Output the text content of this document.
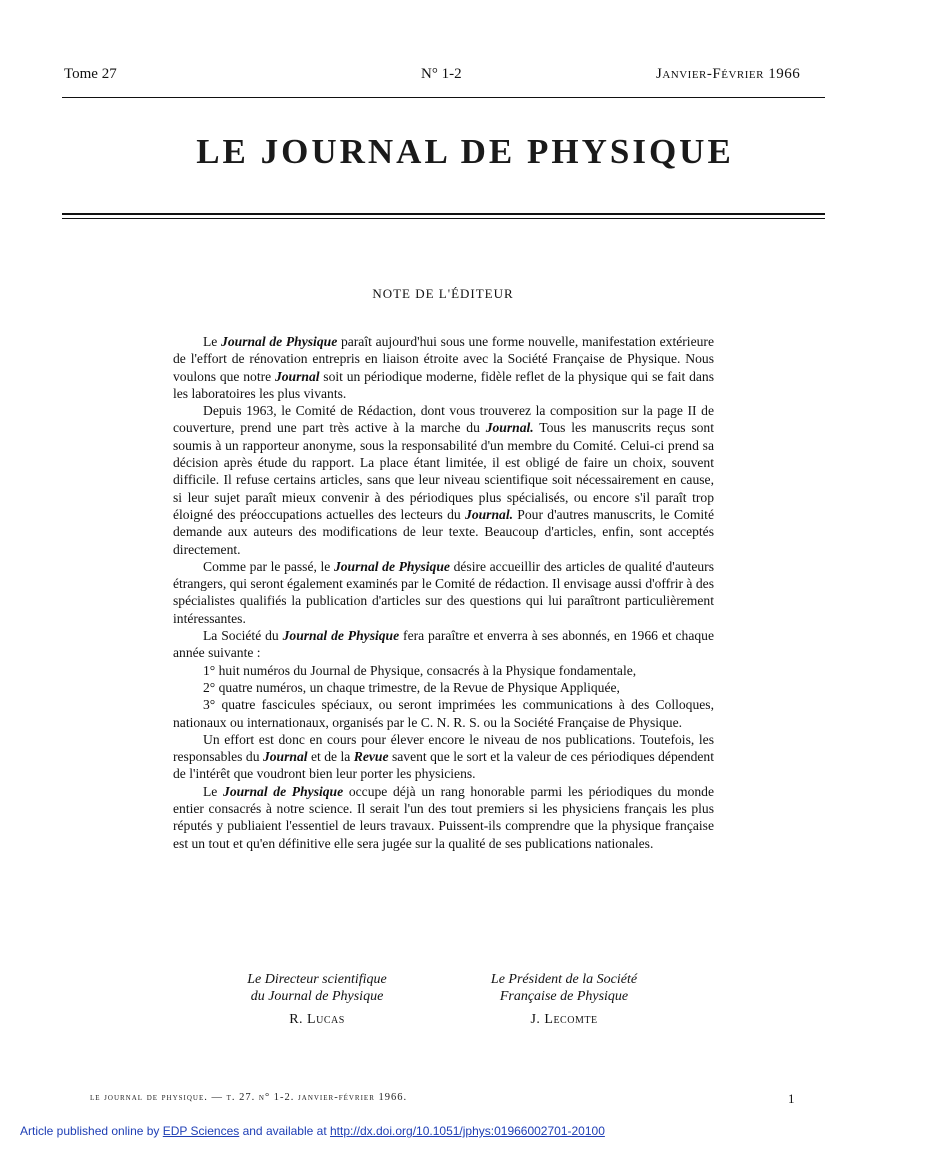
Tome 27	N° 1-2	Janvier-Février 1966
LE JOURNAL DE PHYSIQUE
NOTE DE L'ÉDITEUR

Le Journal de Physique paraît aujourd'hui sous une forme nouvelle, manifestation extérieure de l'effort de rénovation entrepris en liaison étroite avec la Société Française de Physique. Nous voulons que notre Journal soit un périodique moderne, fidèle reflet de la physique qui se fait dans les laboratoires les plus vivants.

Depuis 1963, le Comité de Rédaction, dont vous trouverez la composition sur la page II de couverture, prend une part très active à la marche du Journal. Tous les manuscrits reçus sont soumis à un rapporteur anonyme, sous la responsabilité d'un membre du Comité. Celui-ci prend sa décision après étude du rapport. La place étant limitée, il est obligé de faire un choix, souvent difficile. Il refuse certains articles, sans que leur niveau scientifique soit nécessairement en cause, si leur sujet paraît mieux convenir à des périodiques plus spécialisés, ou encore s'il paraît trop éloigné des préoccupations actuelles des lecteurs du Journal. Pour d'autres manuscrits, le Comité demande aux auteurs des modifications de leur texte. Beaucoup d'articles, enfin, sont acceptés directement.

Comme par le passé, le Journal de Physique désire accueillir des articles de qualité d'auteurs étrangers, qui seront également examinés par le Comité de rédaction. Il envisage aussi d'offrir à des spécialistes qualifiés la publication d'articles sur des questions qui lui paraîtront particulièrement intéressantes.

La Société du Journal de Physique fera paraître et enverra à ses abonnés, en 1966 et chaque année suivante :

1° huit numéros du Journal de Physique, consacrés à la Physique fondamentale,

2° quatre numéros, un chaque trimestre, de la Revue de Physique Appliquée,

3° quatre fascicules spéciaux, ou seront imprimées les communications à des Colloques, nationaux ou internationaux, organisés par le C. N. R. S. ou la Société Française de Physique.

Un effort est donc en cours pour élever encore le niveau de nos publications. Toutefois, les responsables du Journal et de la Revue savent que le sort et la valeur de ces périodiques dépendent de l'intérêt que voudront bien leur porter les physiciens.

Le Journal de Physique occupe déjà un rang honorable parmi les périodiques du monde entier consacrés à notre science. Il serait l'un des tout premiers si les physiciens français les plus réputés y publiaient l'essentiel de leurs travaux. Puissent-ils comprendre que la physique française est un tout et qu'en définitive elle sera jugée sur la qualité de ses publications nationales.

Le Directeur scientifique
du Journal de Physique
R. Lucas
Le Président de la Société
Française de Physique
J. Lecomte
le journal de physique. — t. 27. n° 1-2. janvier-février 1966.	1
Article published online by EDP Sciences and available at http://dx.doi.org/10.1051/jphys:01966002701-20100
